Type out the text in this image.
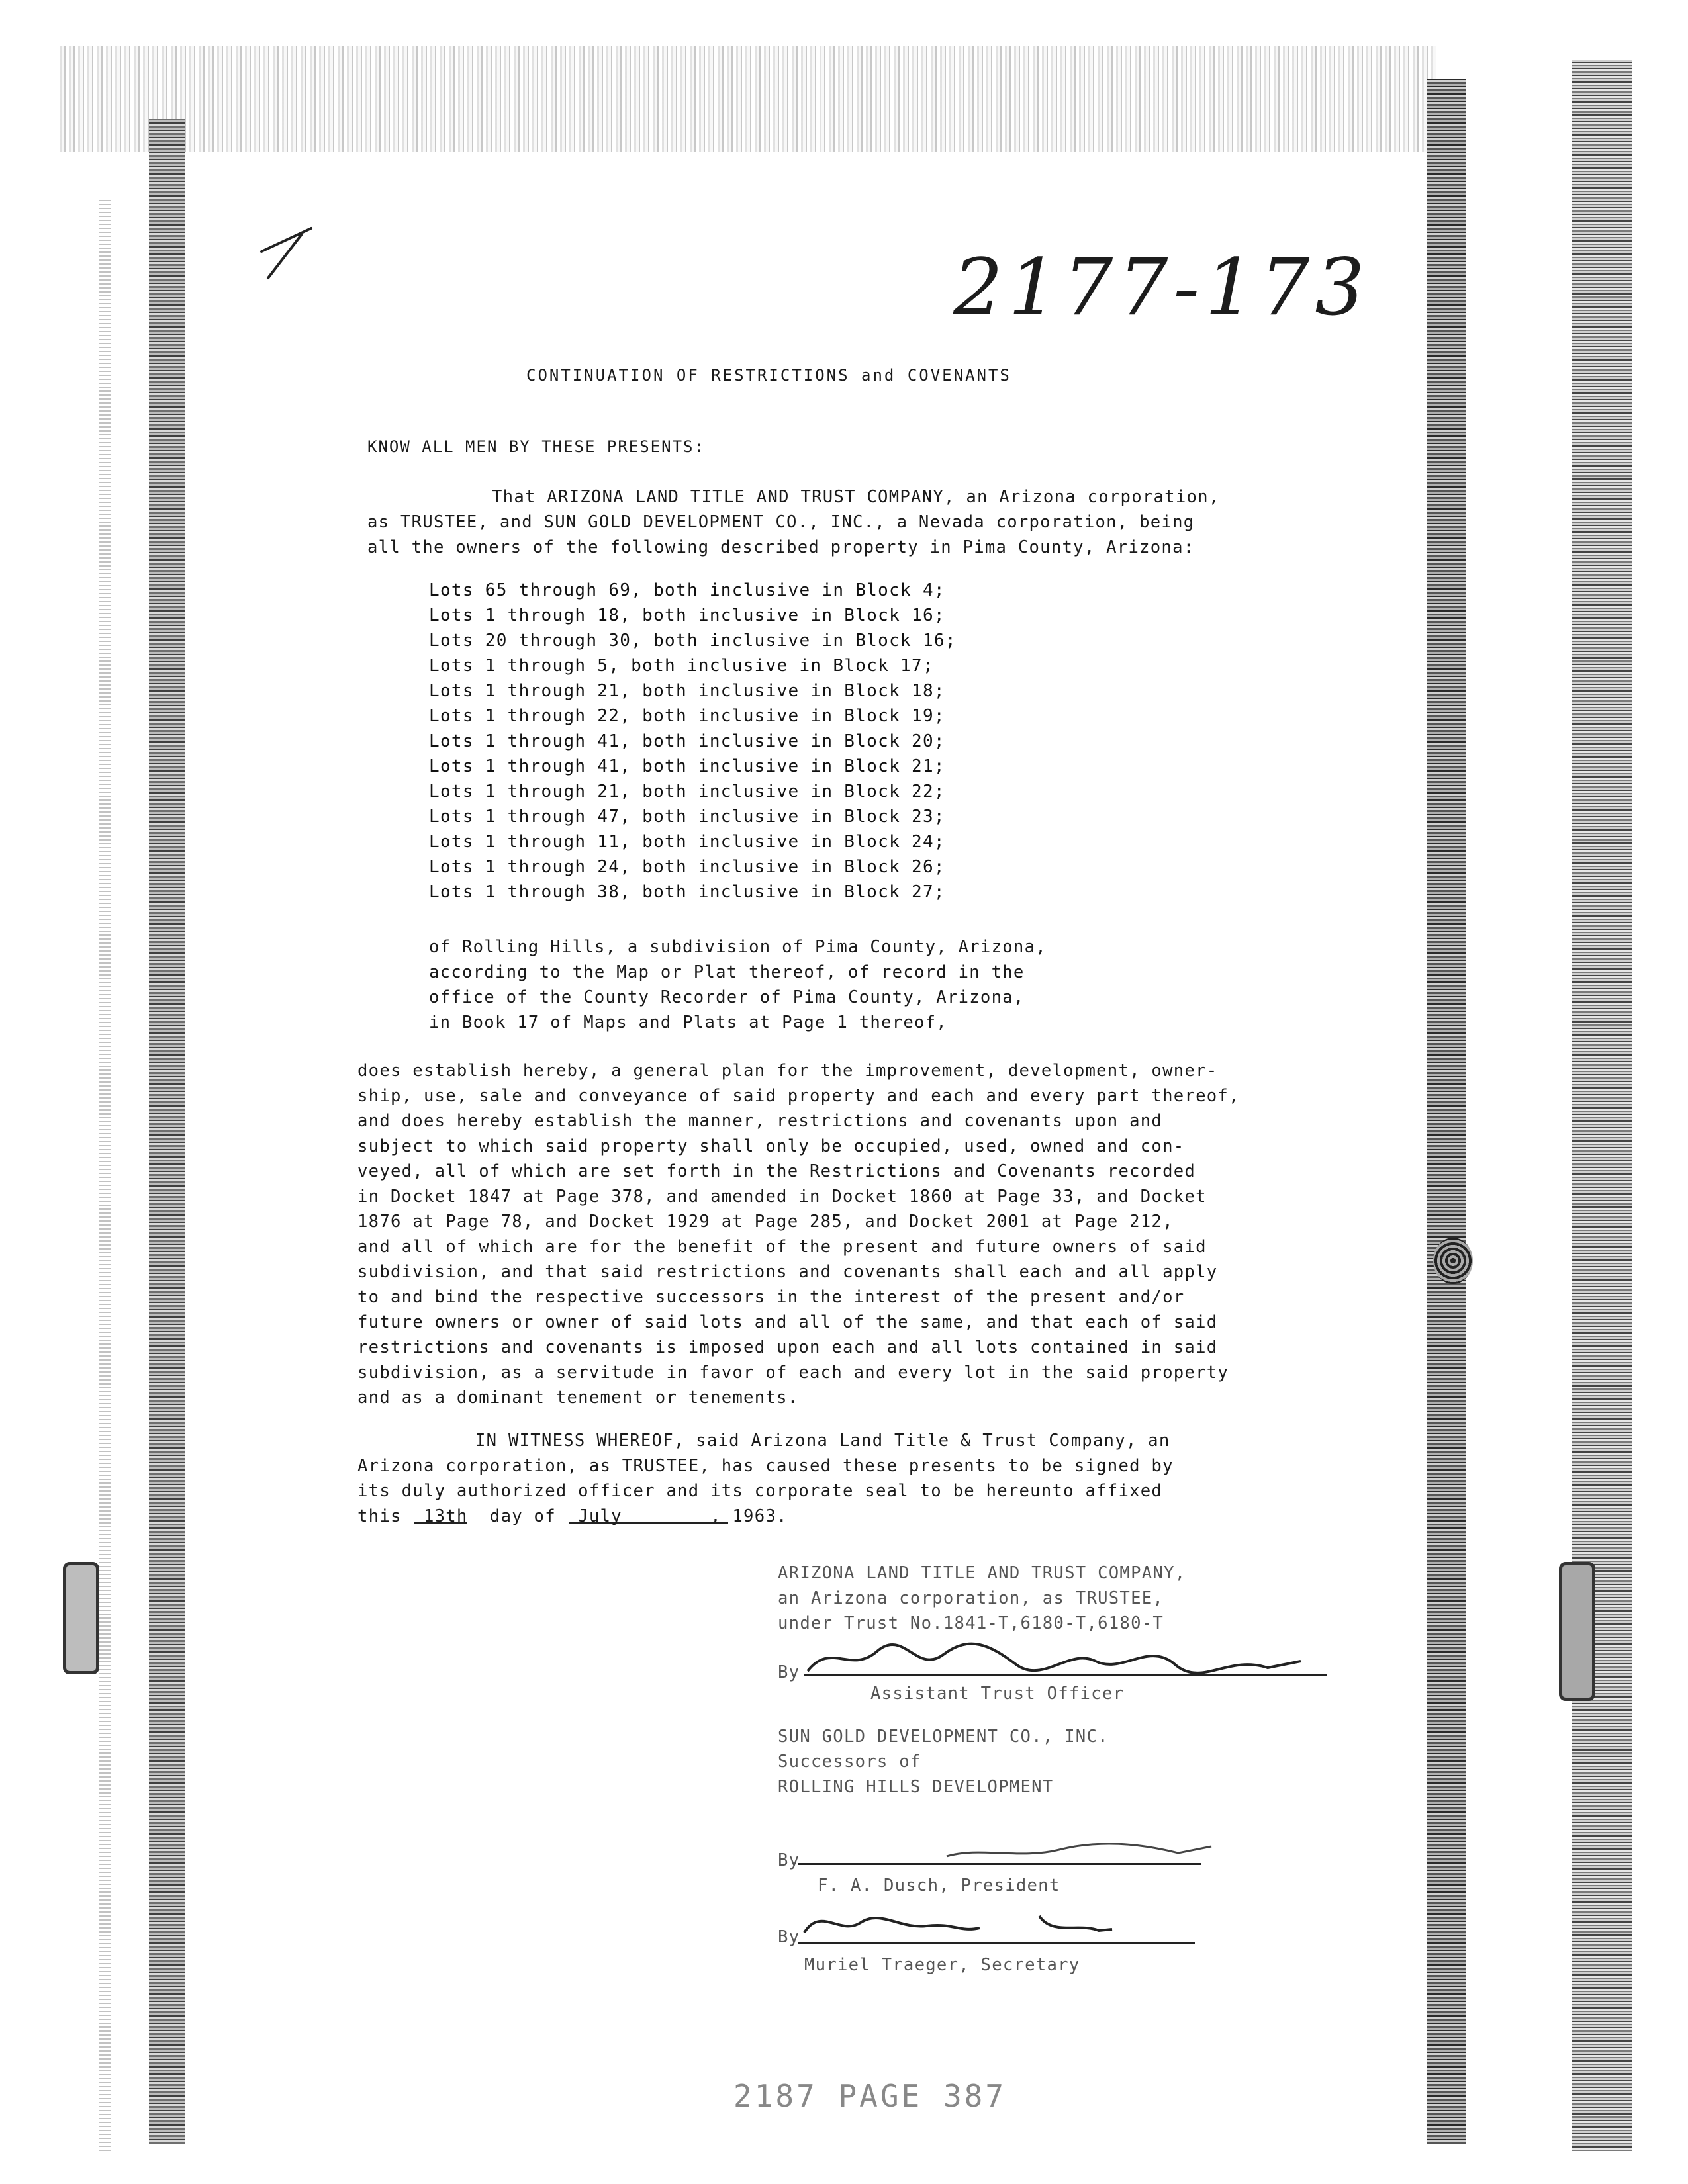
2177-173
CONTINUATION OF RESTRICTIONS and COVENANTS
KNOW ALL MEN BY THESE PRESENTS:
That ARIZONA LAND TITLE AND TRUST COMPANY, an Arizona corporation,
as TRUSTEE, and SUN GOLD DEVELOPMENT CO., INC., a Nevada corporation, being
all the owners of the following described property in Pima County, Arizona:
Lots 65 through 69, both inclusive in Block 4;
Lots 1 through 18, both inclusive in Block 16;
Lots 20 through 30, both inclusive in Block 16;
Lots 1 through 5, both inclusive in Block 17;
Lots 1 through 21, both inclusive in Block 18;
Lots 1 through 22, both inclusive in Block 19;
Lots 1 through 41, both inclusive in Block 20;
Lots 1 through 41, both inclusive in Block 21;
Lots 1 through 21, both inclusive in Block 22;
Lots 1 through 47, both inclusive in Block 23;
Lots 1 through 11, both inclusive in Block 24;
Lots 1 through 24, both inclusive in Block 26;
Lots 1 through 38, both inclusive in Block 27;
of Rolling Hills, a subdivision of Pima County, Arizona,
according to the Map or Plat thereof, of record in the
office of the County Recorder of Pima County, Arizona,
in Book 17 of Maps and Plats at Page 1 thereof,
does establish hereby, a general plan for the improvement, development, owner-
ship, use, sale and conveyance of said property and each and every part thereof,
and does hereby establish the manner, restrictions and covenants upon and
subject to which said property shall only be occupied, used, owned and con-
veyed, all of which are set forth in the Restrictions and Covenants recorded
in Docket 1847 at Page 378, and amended in Docket 1860 at Page 33, and Docket
1876 at Page 78, and Docket 1929 at Page 285, and Docket 2001 at Page 212,
and all of which are for the benefit of the present and future owners of said
subdivision, and that said restrictions and covenants shall each and all apply
to and bind the respective successors in the interest of the present and/or
future owners or owner of said lots and all of the same, and that each of said
restrictions and covenants is imposed upon each and all lots contained in said
subdivision, as a servitude in favor of each and every lot in the said property
and as a dominant tenement or tenements.
IN WITNESS WHEREOF, said Arizona Land Title & Trust Company, an
Arizona corporation, as TRUSTEE, has caused these presents to be signed by
its duly authorized officer and its corporate seal to be hereunto affixed
this  13th  day of  July        , 1963.
ARIZONA LAND TITLE AND TRUST COMPANY,
an Arizona corporation, as TRUSTEE,
under Trust No.1841-T,6180-T,6180-T
By
Assistant Trust Officer
SUN GOLD DEVELOPMENT CO., INC.
Successors of
ROLLING HILLS DEVELOPMENT
By
F. A. Dusch, President
By
Muriel Traeger, Secretary
2187 PAGE 387
